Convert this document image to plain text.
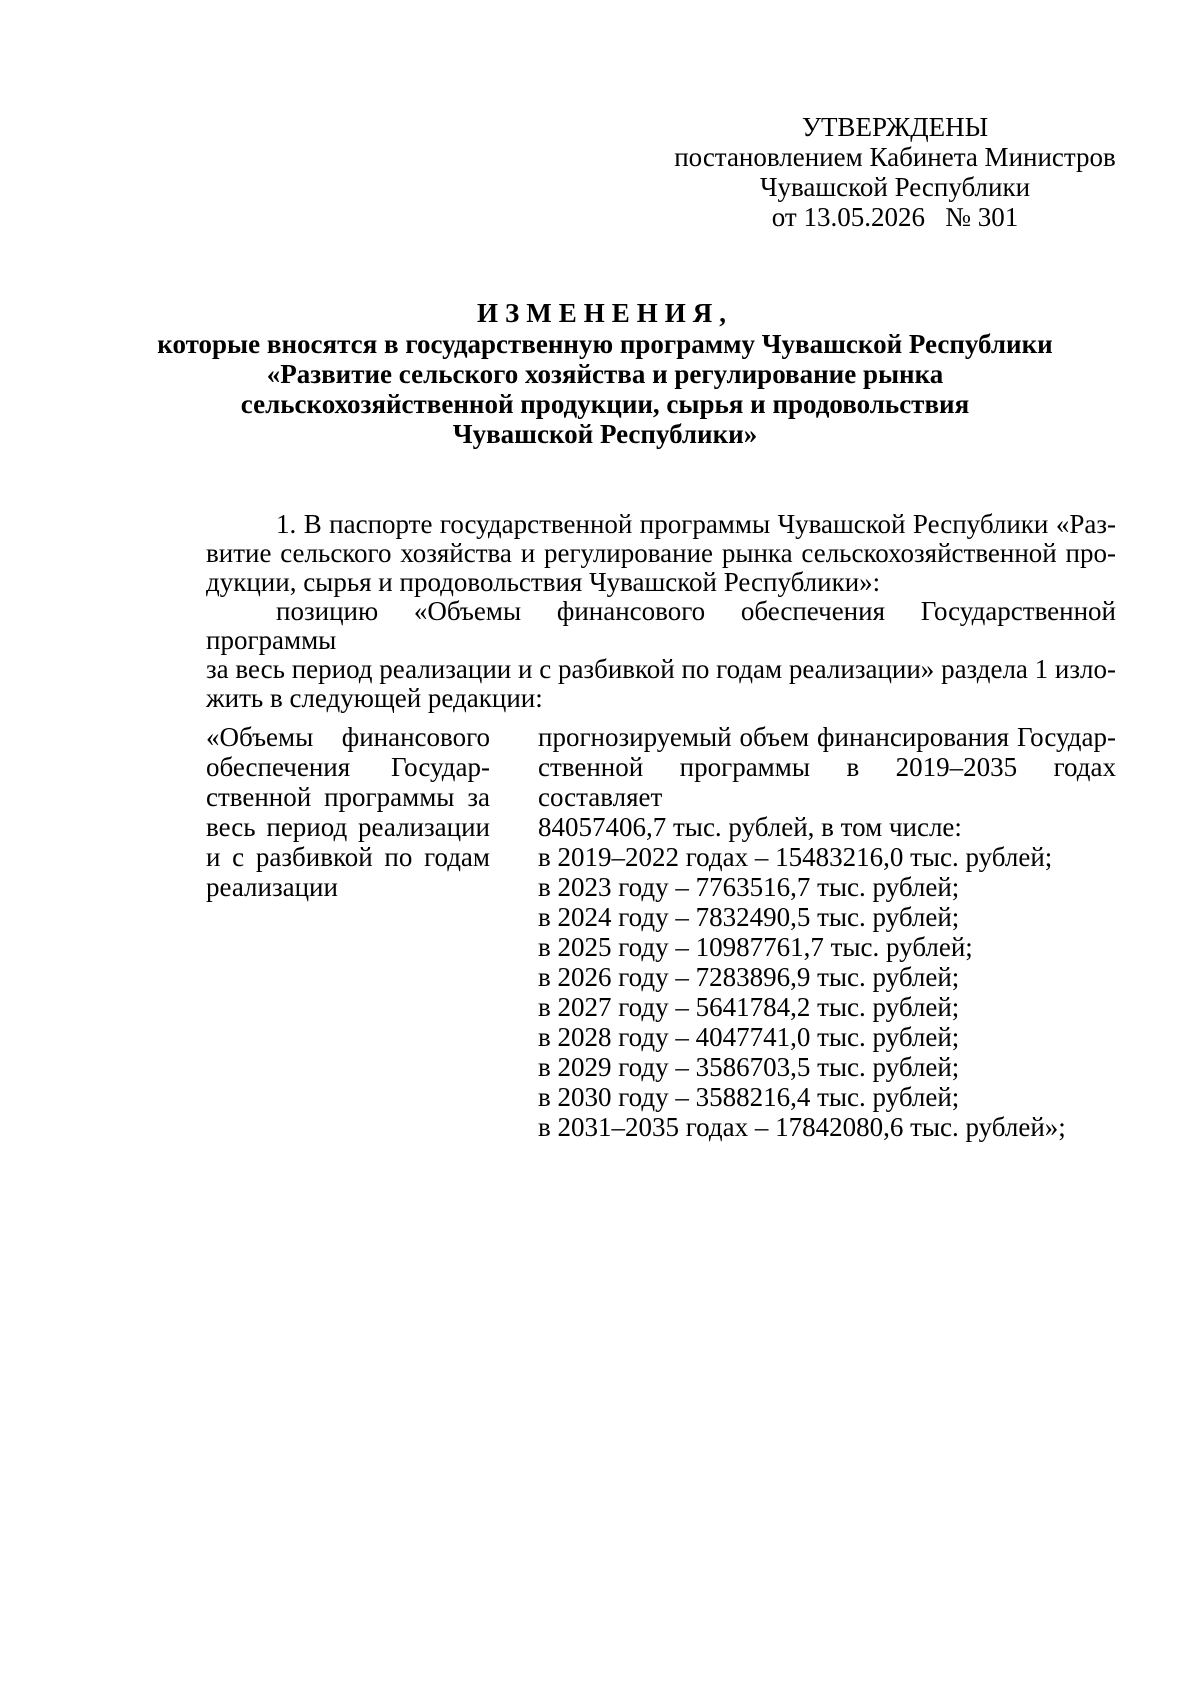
УТВЕРЖДЕНЫ
постановлением Кабинета Министров
Чувашской Республики
от 13.05.2026   № 301
ИЗМЕНЕНИЯ,
которые вносятся в государственную программу Чувашской Республики
«Развитие сельского хозяйства и регулирование рынка
сельскохозяйственной продукции, сырья и продовольствия
Чувашской Республики»
1. В паспорте государственной программы Чувашской Республики «Раз-
витие сельского хозяйства и регулирование рынка сельскохозяйственной про-
дукции, сырья и продовольствия Чувашской Республики»:
позицию «Объемы финансового обеспечения Государственной программы
за весь период реализации и с разбивкой по годам реализации» раздела 1 изло-
жить в следующей редакции:
«Объемы финансового
обеспечения Государ-
ственной программы за
весь период реализации
и с разбивкой по годам
реализации
прогнозируемый объем финансирования Государ-
ственной программы в 2019–2035 годах составляет
84057406,7 тыс. рублей, в том числе:
в 2019–2022 годах – 15483216,0 тыс. рублей;
в 2023 году – 7763516,7 тыс. рублей;
в 2024 году – 7832490,5 тыс. рублей;
в 2025 году – 10987761,7 тыс. рублей;
в 2026 году – 7283896,9 тыс. рублей;
в 2027 году – 5641784,2 тыс. рублей;
в 2028 году – 4047741,0 тыс. рублей;
в 2029 году – 3586703,5 тыс. рублей;
в 2030 году – 3588216,4 тыс. рублей;
в 2031–2035 годах – 17842080,6 тыс. рублей»;
